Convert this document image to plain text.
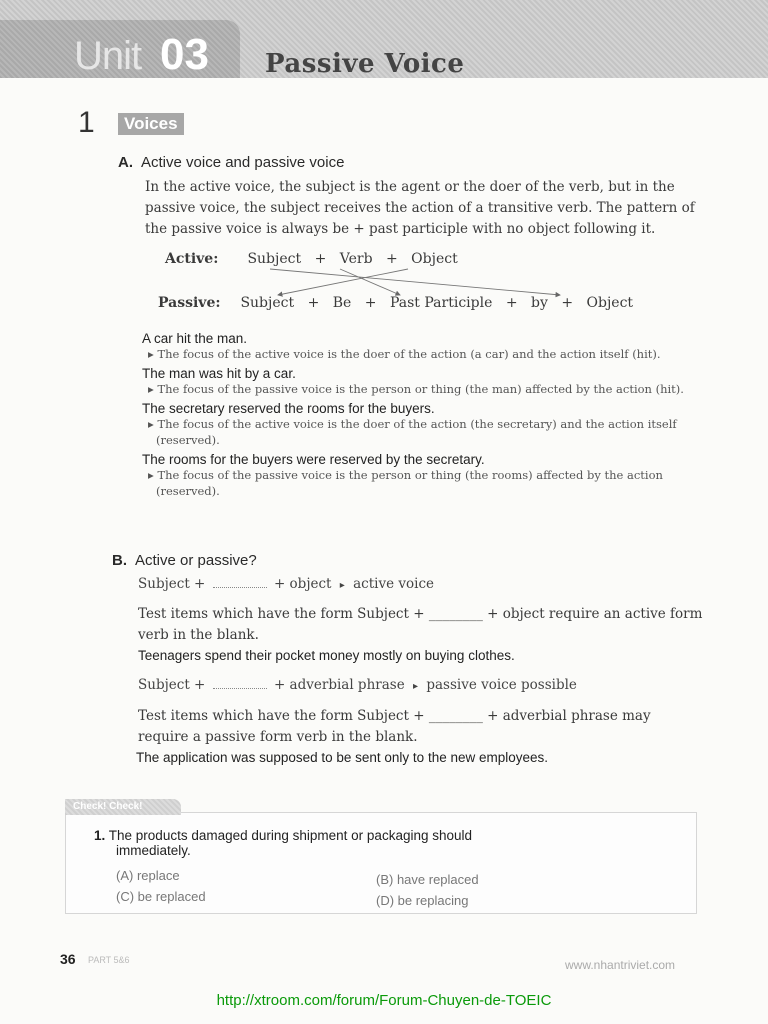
Unit 03 Passive Voice
1	Voices
A. Active voice and passive voice
In the active voice, the subject is the agent or the doer of the verb, but in the
passive voice, the subject receives the action of a transitive verb. The pattern of
the passive voice is always be + past participle with no object following it.
Active: Subject + Verb + Object
Passive: Subject + Be + Past Participle + by + Object
A car hit the man.
▸ The focus of the active voice is the doer of the action (a car) and the action itself (hit).
The man was hit by a car.
▸ The focus of the passive voice is the person or thing (the man) affected by the action (hit).
The secretary reserved the rooms for the buyers.
▸ The focus of the active voice is the doer of the action (the secretary) and the action itself
(reserved).
The rooms for the buyers were reserved by the secretary.
▸ The focus of the passive voice is the person or thing (the rooms) affected by the action
(reserved).
B. Active or passive?
Subject +	+ object ▸ active voice
Test items which have the form Subject + ________ + object require an active form
verb in the blank.
Teenagers spend their pocket money mostly on buying clothes.
Subject +	+ adverbial phrase ▸ passive voice possible
Test items which have the form Subject + ________ + adverbial phrase may
require a passive form verb in the blank.
The application was supposed to be sent only to the new employees.
Check! Check!
1. The products damaged during shipment or packaging should
immediately.
(A) replace	(B) have replaced
(C) be replaced	(D) be replacing
36 PART 5&6	www.nhantriviet.com
http://xtroom.com/forum/Forum-Chuyen-de-TOEIC
